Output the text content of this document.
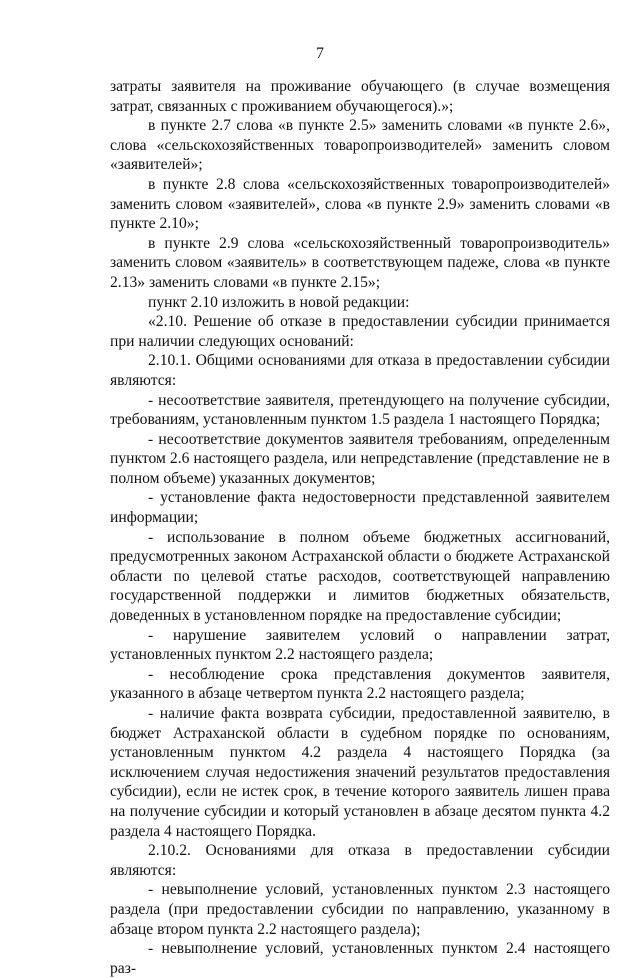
7

затраты заявителя на проживание обучающего (в случае возмещения затрат, связанных с проживанием обучающегося).»;

в пункте 2.7 слова «в пункте 2.5» заменить словами «в пункте 2.6», слова «сельскохозяйственных товаропроизводителей» заменить словом «заявителей»;

в пункте 2.8 слова «сельскохозяйственных товаропроизводителей» заменить словом «заявителей», слова «в пункте 2.9» заменить словами «в пункте 2.10»;

в пункте 2.9 слова «сельскохозяйственный товаропроизводитель» заменить словом «заявитель» в соответствующем падеже, слова «в пункте 2.13» заменить словами «в пункте 2.15»;

пункт 2.10 изложить в новой редакции:

«2.10. Решение об отказе в предоставлении субсидии принимается при наличии следующих оснований:

2.10.1. Общими основаниями для отказа в предоставлении субсидии являются:

- несоответствие заявителя, претендующего на получение субсидии, требованиям, установленным пунктом 1.5 раздела 1 настоящего Порядка;

- несоответствие документов заявителя требованиям, определенным пунктом 2.6 настоящего раздела, или непредставление (представление не в полном объеме) указанных документов;

- установление факта недостоверности представленной заявителем информации;

- использование в полном объеме бюджетных ассигнований, предусмотренных законом Астраханской области о бюджете Астраханской области по целевой статье расходов, соответствующей направлению государственной поддержки и лимитов бюджетных обязательств, доведенных в установленном порядке на предоставление субсидии;

- нарушение заявителем условий о направлении затрат, установленных пунктом 2.2 настоящего раздела;

- несоблюдение срока представления документов заявителя, указанного в абзаце четвертом пункта 2.2 настоящего раздела;

- наличие факта возврата субсидии, предоставленной заявителю, в бюджет Астраханской области в судебном порядке по основаниям, установленным пунктом 4.2 раздела 4 настоящего Порядка (за исключением случая недостижения значений результатов предоставления субсидии), если не истек срок, в течение которого заявитель лишен права на получение субсидии и который установлен в абзаце десятом пункта 4.2 раздела 4 настоящего Порядка.

2.10.2. Основаниями для отказа в предоставлении субсидии являются:

- невыполнение условий, установленных пунктом 2.3 настоящего раздела (при предоставлении субсидии по направлению, указанному в абзаце втором пункта 2.2 настоящего раздела);

- невыполнение условий, установленных пунктом 2.4 настоящего раз-
